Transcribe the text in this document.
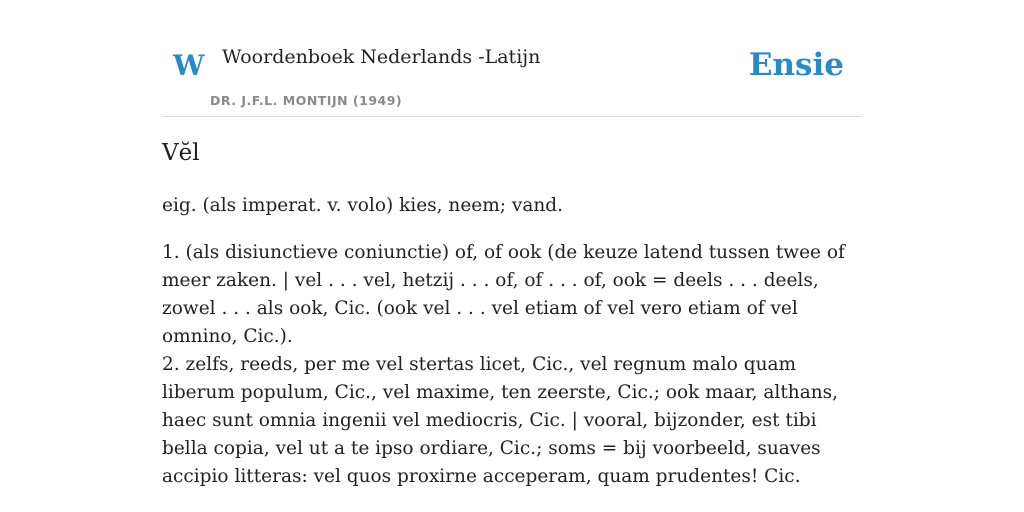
W Woordenboek Nederlands -Latijn
DR. J.F.L. MONTIJN (1949)
Ensie
Vĕl

eig. (als imperat. v. volo) kies, neem; vand.

1. (als disiunctieve coniunctie) of, of ook (de keuze latend tussen twee of meer zaken. | vel . . . vel, hetzij . . . of, of . . . of, ook = deels . . . deels, zowel . . . als ook, Cic. (ook vel . . . vel etiam of vel vero etiam of vel omnino, Cic.).

2. zelfs, reeds, per me vel stertas licet, Cic., vel regnum malo quam liberum populum, Cic., vel maxime, ten zeerste, Cic.; ook maar, althans, haec sunt omnia ingenii vel mediocris, Cic. | vooral, bijzonder, est tibi bella copia, vel ut a te ipso ordiare, Cic.; soms = bij voorbeeld, suaves accipio litteras: vel quos proxirne acceperam, quam prudentes! Cic.
